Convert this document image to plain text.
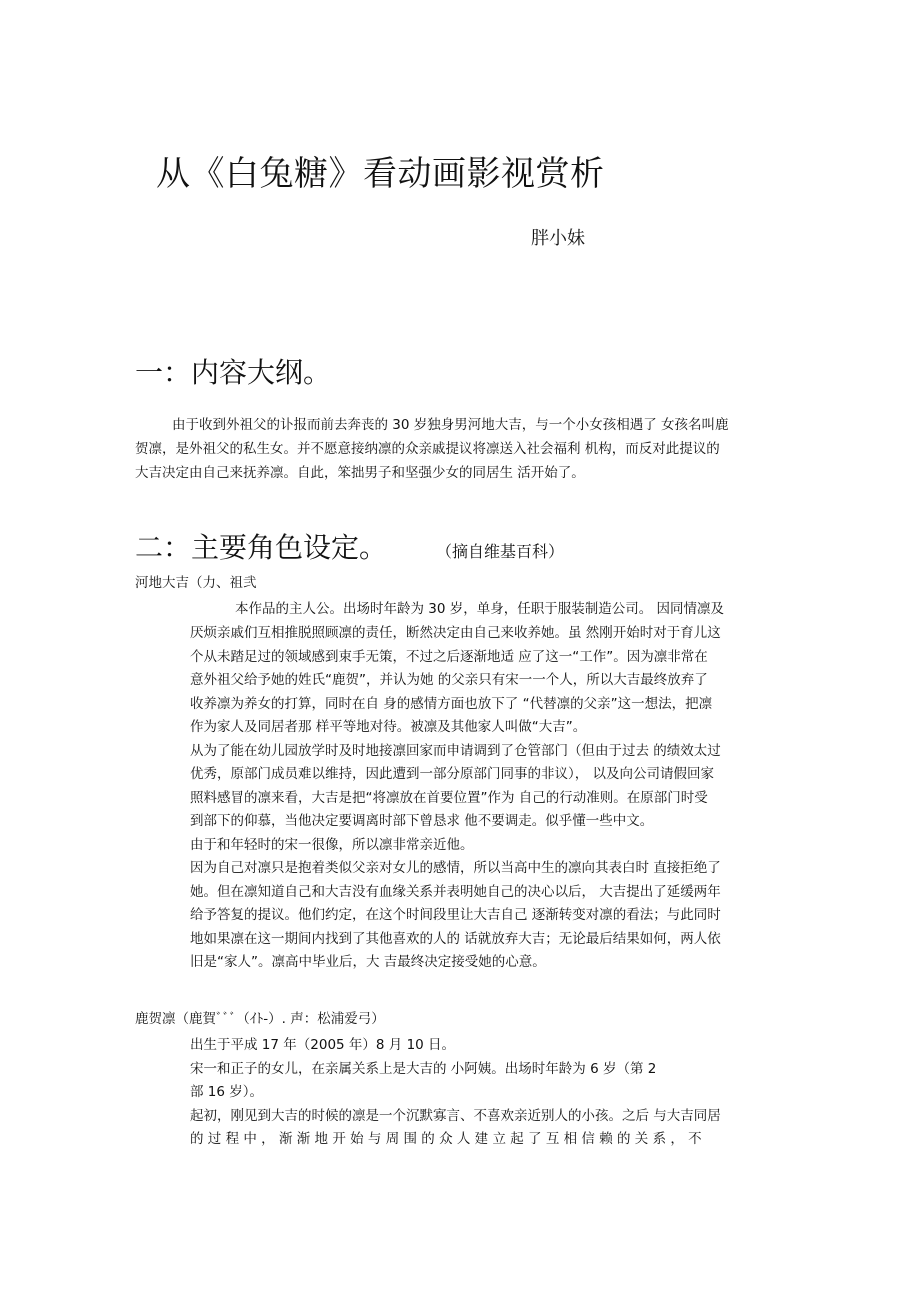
从《白兔糖》看动画影视赏析
胖小妹
一：内容大纲。
由于收到外祖父的讣报而前去奔丧的 30 岁独身男河地大吉，与一个小女孩相遇了 女孩名叫鹿
贺凛，是外祖父的私生女。并不愿意接纳凛的众亲戚提议将凛送入社会福利 机构，而反对此提议的
大吉决定由自己来抚养凛。自此，笨拙男子和坚强少女的同居生 活开始了。
二：主要角色设定。	（摘自维基百科）
河地大吉（力、祖弐
本作品的主人公。出场时年龄为 30 岁，单身，任职于服装制造公司。 因同情凛及
厌烦亲戚们互相推脱照顾凛的责任，断然决定由自己来收养她。虽 然刚开始时对于育儿这
个从未踏足过的领域感到束手无策，不过之后逐渐地适 应了这一“工作”。因为凛非常在
意外祖父给予她的姓氏“鹿贺”，并认为她 的父亲只有宋一一个人，所以大吉最终放弃了
收养凛为养女的打算，同时在自 身的感情方面也放下了 “代替凛的父亲”这一想法，把凛
作为家人及同居者那 样平等地对待。被凛及其他家人叫做“大吉”。
从为了能在幼儿园放学时及时地接凛回家而申请调到了仓管部门（但由于过去 的绩效太过
优秀，原部门成员难以维持，因此遭到一部分原部门同事的非议）， 以及向公司请假回家
照料感冒的凛来看，大吉是把“将凛放在首要位置”作为 自己的行动准则。在原部门时受
到部下的仰慕，当他决定要调离时部下曾恳求 他不要调走。似乎懂一些中文。
由于和年轻时的宋一很像，所以凛非常亲近他。
因为自己对凛只是抱着类似父亲对女儿的感情，所以当高中生的凛向其表白时 直接拒绝了
她。但在凛知道自己和大吉没有血缘关系并表明她自己的决心以后， 大吉提出了延缓两年
给予答复的提议。他们约定，在这个时间段里让大吉自己 逐渐转变对凛的看法；与此同时
地如果凛在这一期间内找到了其他喜欢的人的 话就放弃大吉；无论最后结果如何，两人依
旧是“家人”。凛高中毕业后，大 吉最终决定接受她的心意。
鹿贺凛（鹿賀ﾞﾞﾞ（ｲﾄ-）. 声：松浦爱弓）
出生于平成 17 年（2005 年）8 月 10 日。
宋一和正子的女儿，在亲属关系上是大吉的 小阿姨。出场时年龄为 6 岁（第 2
部 16 岁）。
起初，刚见到大吉的时候的凛是一个沉默寡言、不喜欢亲近别人的小孩。之后 与大吉同居
的 过 程 中 ， 渐 渐 地 开 始 与 周 围 的 众 人 建 立 起 了 互 相 信 赖 的 关 系 ， 不
